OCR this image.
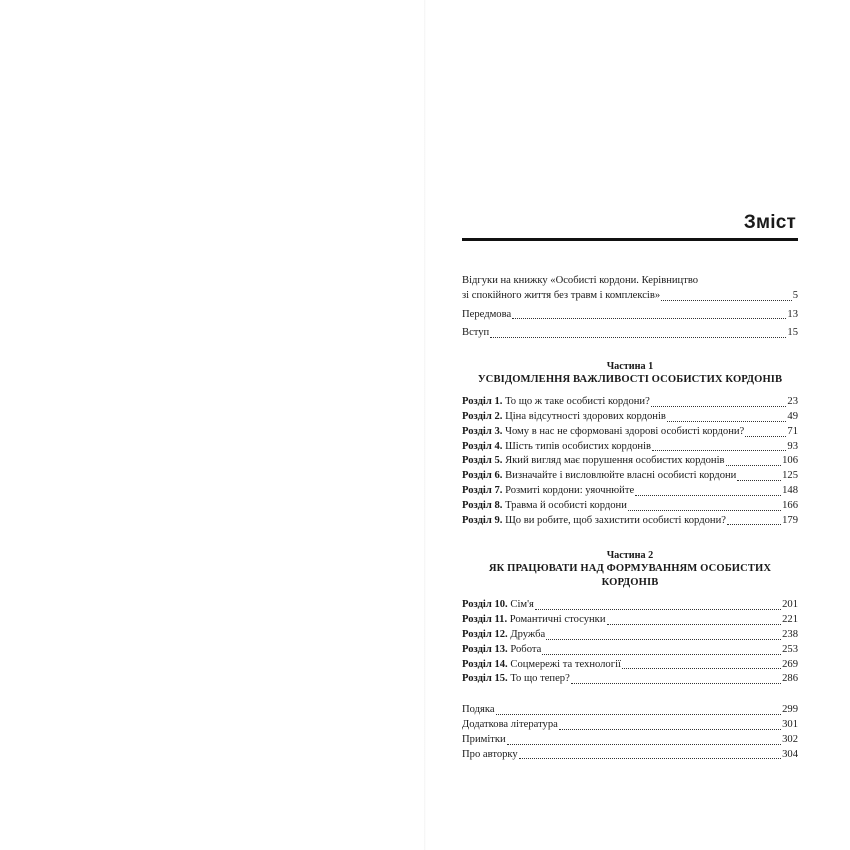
Зміст
Відгуки на книжку «Особисті кордони. Керівництво
зі спокійного життя без травм і комплексів»	5
Передмова	13
Вступ	15
Частина 1
УСВІДОМЛЕННЯ ВАЖЛИВОСТІ ОСОБИСТИХ КОРДОНІВ
Розділ 1. То що ж таке особисті кордони?	23
Розділ 2. Ціна відсутності здорових кордонів	49
Розділ 3. Чому в нас не сформовані здорові особисті кордони?	71
Розділ 4. Шість типів особистих кордонів	93
Розділ 5. Який вигляд має порушення особистих кордонів	106
Розділ 6. Визначайте і висловлюйте власні особисті кордони	125
Розділ 7. Розмиті кордони: уяочнюйте	148
Розділ 8. Травма й особисті кордони	166
Розділ 9. Що ви робите, щоб захистити особисті кордони?	179
Частина 2
ЯК ПРАЦЮВАТИ НАД ФОРМУВАННЯМ ОСОБИСТИХ КОРДОНІВ
Розділ 10. Сім'я	201
Розділ 11. Романтичні стосунки	221
Розділ 12. Дружба	238
Розділ 13. Робота	253
Розділ 14. Соцмережі та технології	269
Розділ 15. То що тепер?	286
Подяка	299
Додаткова література	301
Примітки	302
Про авторку	304
